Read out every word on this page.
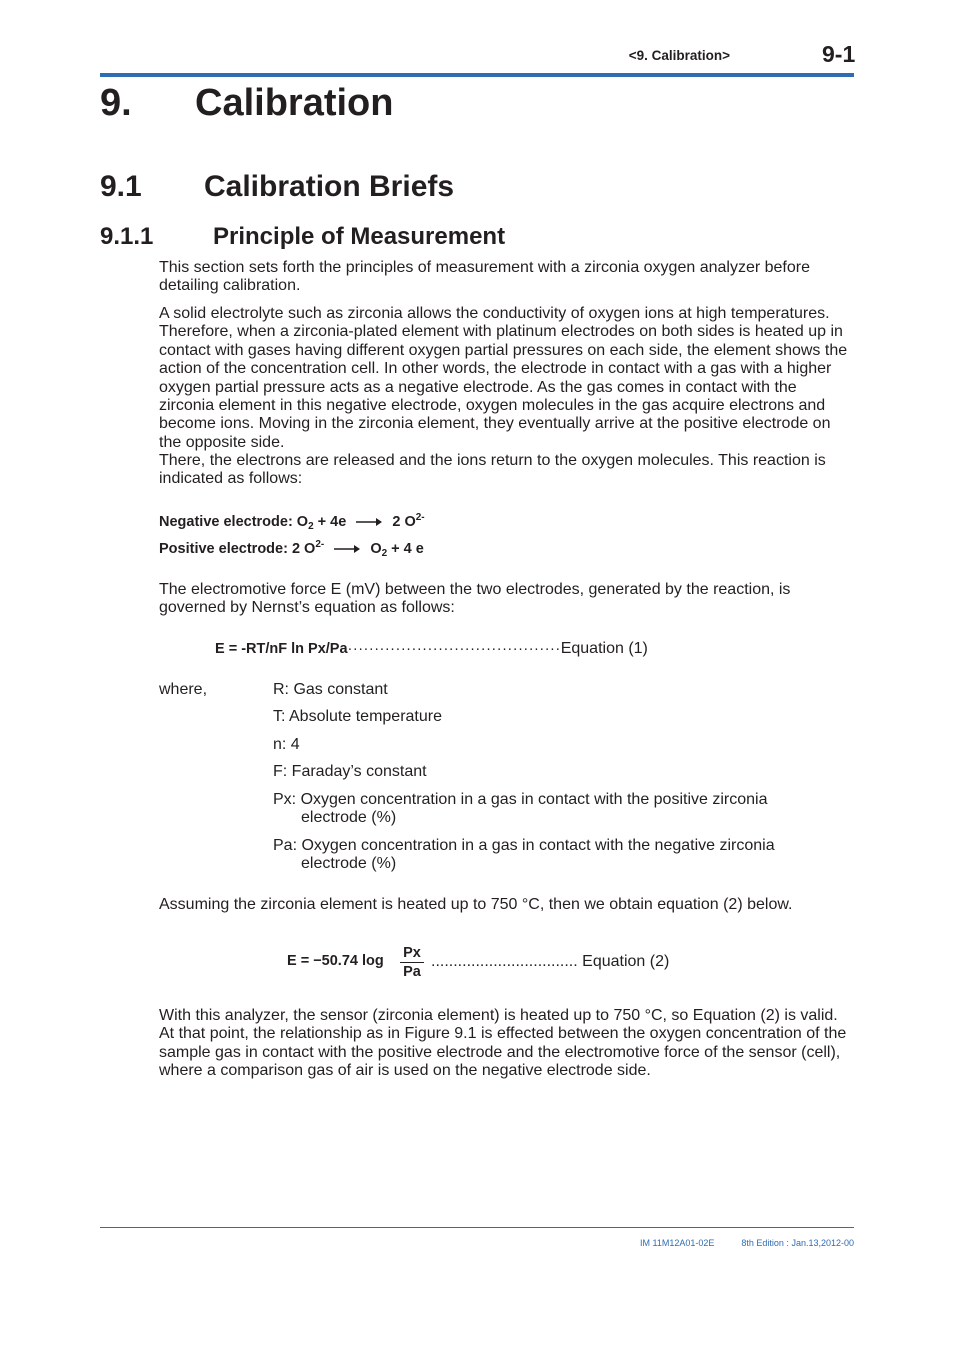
<9. Calibration>	9-1
9. Calibration
9.1 Calibration Briefs
9.1.1 Principle of Measurement

This section sets forth the principles of measurement with a zirconia oxygen analyzer before detailing calibration.

A solid electrolyte such as zirconia allows the conductivity of oxygen ions at high temperatures. Therefore, when a zirconia-plated element with platinum electrodes on both sides is heated up in contact with gases having different oxygen partial pressures on each side, the element shows the action of the concentration cell. In other words, the electrode in contact with a gas with a higher oxygen partial pressure acts as a negative electrode. As the gas comes in contact with the zirconia element in this negative electrode, oxygen molecules in the gas acquire electrons and become ions. Moving in the zirconia element, they eventually arrive at the positive electrode on the opposite side.

There, the electrons are released and the ions return to the oxygen molecules. This reaction is indicated as follows:

Negative electrode: $O_2 + 4e$	2 $O^{2-}$
Positive electrode: 2 $O^{2-}$	$O_2 + 4$ e

The electromotive force E (mV) between the two electrodes, generated by the reaction, is governed by Nernst’s equation as follows:

E = -RT/nF ln Px/Pa········································Equation (1)
where,	R: Gas constant
T: Absolute temperature
n: 4
F: Faraday’s constant
Px: Oxygen concentration in a gas in contact with the positive zirconia
electrode (%)
Pa: Oxygen concentration in a gas in contact with the negative zirconia
electrode (%)

Assuming the zirconia element is heated up to 750 °C, then we obtain equation (2) below.

E = −50.74 $\log \frac{Px}{Pa}$ ................................. Equation (2)

With this analyzer, the sensor (zirconia element) is heated up to 750 °C, so Equation (2) is valid. At that point, the relationship as in Figure 9.1 is effected between the oxygen concentration of the sample gas in contact with the positive electrode and the electromotive force of the sensor (cell), where a comparison gas of air is used on the negative electrode side.

IM 11M12A01-02E	8th Edition : Jan.13,2012-00
